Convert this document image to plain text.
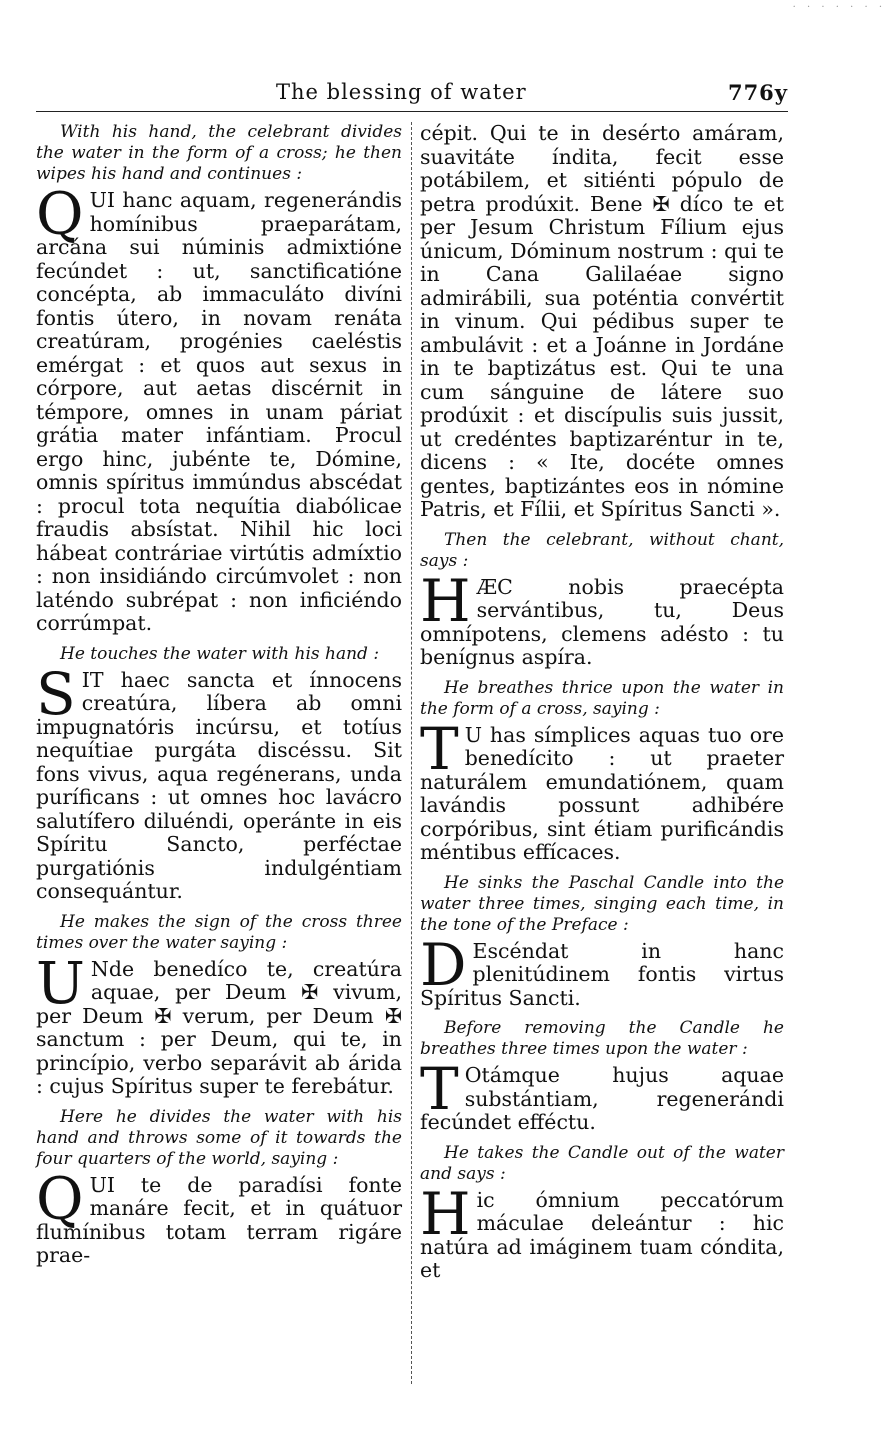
· · · · · · ·
The blessing of water	776y

With his hand, the celebrant divides the water in the form of a cross; he then wipes his hand and continues :

QUI hanc aquam, regenerándis homínibus praeparátam, arcána sui núminis admixtióne fecúndet : ut, sanctificatióne concépta, ab immaculáto divíni fontis útero, in novam renáta creatúram, progénies caeléstis emérgat : et quos aut sexus in córpore, aut aetas discérnit in témpore, omnes in unam páriat grátia mater infántiam. Procul ergo hinc, jubénte te, Dómine, omnis spíritus immúndus abscédat : procul tota nequítia diabólicae fraudis absístat. Nihil hic loci hábeat contráriae virtútis admíxtio : non insidiándo circúmvolet : non laténdo subrépat : non inficiéndo corrúmpat.

He touches the water with his hand :

SIT haec sancta et ínnocens creatúra, líbera ab omni impugnatóris incúrsu, et totíus nequítiae purgáta discéssu. Sit fons vivus, aqua regénerans, unda puríficans : ut omnes hoc lavácro salutífero diluéndi, operánte in eis Spíritu Sancto, perféctae purgatiónis indulgéntiam consequántur.

He makes the sign of the cross three times over the water saying :

U Nde benedíco te, creatúra aquae, per Deum ✠ vivum, per Deum ✠ verum, per Deum ✠ sanctum : per Deum, qui te, in princípio, verbo separávit ab árida : cujus Spíritus super te ferebátur.

Here he divides the water with his hand and throws some of it towards the four quarters of the world, saying :

QUI te de paradísi fonte manáre fecit, et in quátuor flumínibus totam terram rigáre prae-

cépit. Qui te in desérto amáram, suavitáte índita, fecit esse potábilem, et sitiénti pópulo de petra prodúxit. Bene ✠ díco te et per Jesum Christum Fílium ejus únicum, Dóminum nostrum : qui te in Cana Galilaéae signo admirábili, sua poténtia convértit in vinum. Qui pédibus super te ambulávit : et a Joánne in Jordáne in te baptizátus est. Qui te una cum sánguine de látere suo prodúxit : et discípulis suis jussit, ut credéntes baptizaréntur in te, dicens : « Ite, docéte omnes gentes, baptizántes eos in nómine Patris, et Fílii, et Spíritus Sancti ».

Then the celebrant, without chant, says :

HÆC nobis praecépta servántibus, tu, Deus omnípotens, clemens adésto : tu benígnus aspíra.

He breathes thrice upon the water in the form of a cross, saying :

T U has símplices aquas tuo ore benedícito : ut praeter naturálem emundatiónem, quam lavándis possunt adhibére corpóribus, sint étiam purificándis méntibus effícaces.

He sinks the Paschal Candle into the water three times, singing each time, in the tone of the Preface :

D Escéndat in hanc plenitúdinem fontis virtus Spíritus Sancti.

Before removing the Candle he breathes three times upon the water :

T Otámque hujus aquae substántiam, regenerándi fecúndet efféctu.

He takes the Candle out of the water and says :

Hic ómnium peccatórum máculae deleántur : hic natúra ad imáginem tuam cóndita, et
